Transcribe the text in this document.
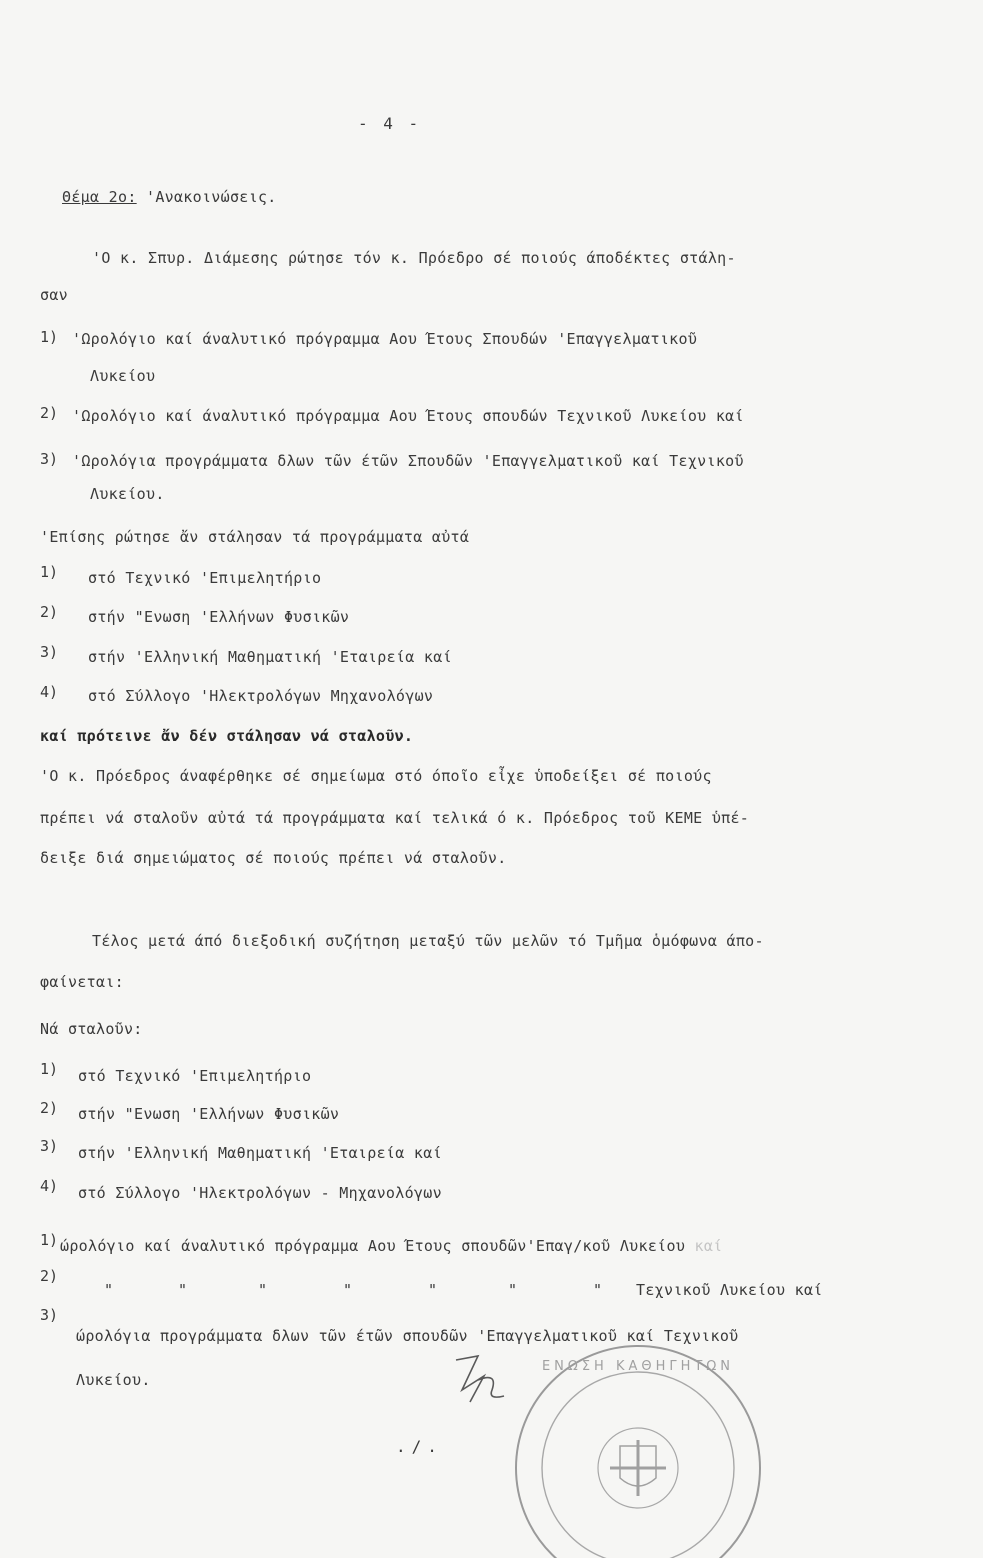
- 4 -
Θέμα 2ο: 'Ανακοινώσεις.
'Ο κ. Σπυρ. Διάμεσης ρώτησε τόν κ. Πρόεδρο σέ ποιούς άποδέκτες στάλη-
σαν
1) 'Ωρολόγιο καί άναλυτικό πρόγραμμα Αου Έτους Σπουδών 'Επαγγελματικοῦ
Λυκείου
2) 'Ωρολόγιο καί άναλυτικό πρόγραμμα Αου Έτους σπουδών Τεχνικοῦ Λυκείου καί
3) 'Ωρολόγια προγράμματα δλων τῶν έτῶν Σπουδῶν 'Επαγγελματικοῦ καί Τεχνικοῦ
Λυκείου.
'Επίσης ρώτησε ἄν στάλησαν τά προγράμματα αὐτά
1) στό Τεχνικό 'Επιμελητήριο
2) στήν "Ενωση 'Ελλήνων Φυσικῶν
3) στήν 'Ελληνική Μαθηματική 'Εταιρεία καί
4) στό Σύλλογο 'Ηλεκτρολόγων Μηχανολόγων
καί πρότεινε ἄν δέν στάλησαν νά σταλοῦν.
'Ο κ. Πρόεδρος άναφέρθηκε σέ σημείωμα στό όποῖο εἶχε ὑποδείξει σέ ποιούς
πρέπει νά σταλοῦν αὐτά τά προγράμματα καί τελικά ό κ. Πρόεδρος τοῦ ΚΕΜΕ ὑπέ-
δειξε διά σημειώματος σέ ποιούς πρέπει νά σταλοῦν.
Τέλος μετά άπό διεξοδική συζήτηση μεταξύ τῶν μελῶν τό Τμῆμα ὁμόφωνα άπο-
φαίνεται:
Νά σταλοῦν:
1) στό Τεχνικό 'Επιμελητήριο
2) στήν "Ενωση 'Ελλήνων Φυσικῶν
3) στήν 'Ελληνική Μαθηματική 'Εταιρεία καί
4) στό Σύλλογο 'Ηλεκτρολόγων - Μηχανολόγων
1) ώρολόγιο καί άναλυτικό πρόγραμμα Αου Έτους σπουδῶν'Επαγ/κοῦ Λυκείου καί
2)
"	"	"	"	"	"	" Τεχνικοῦ Λυκείου καί
3)
ώρολόγια προγράμματα δλων τῶν έτῶν σπουδῶν 'Επαγγελματικοῦ καί Τεχνικοῦ
Λυκείου.
ΕΝΩΣΗ ΚΑΘΗΓΗΤΩΝ
./.
